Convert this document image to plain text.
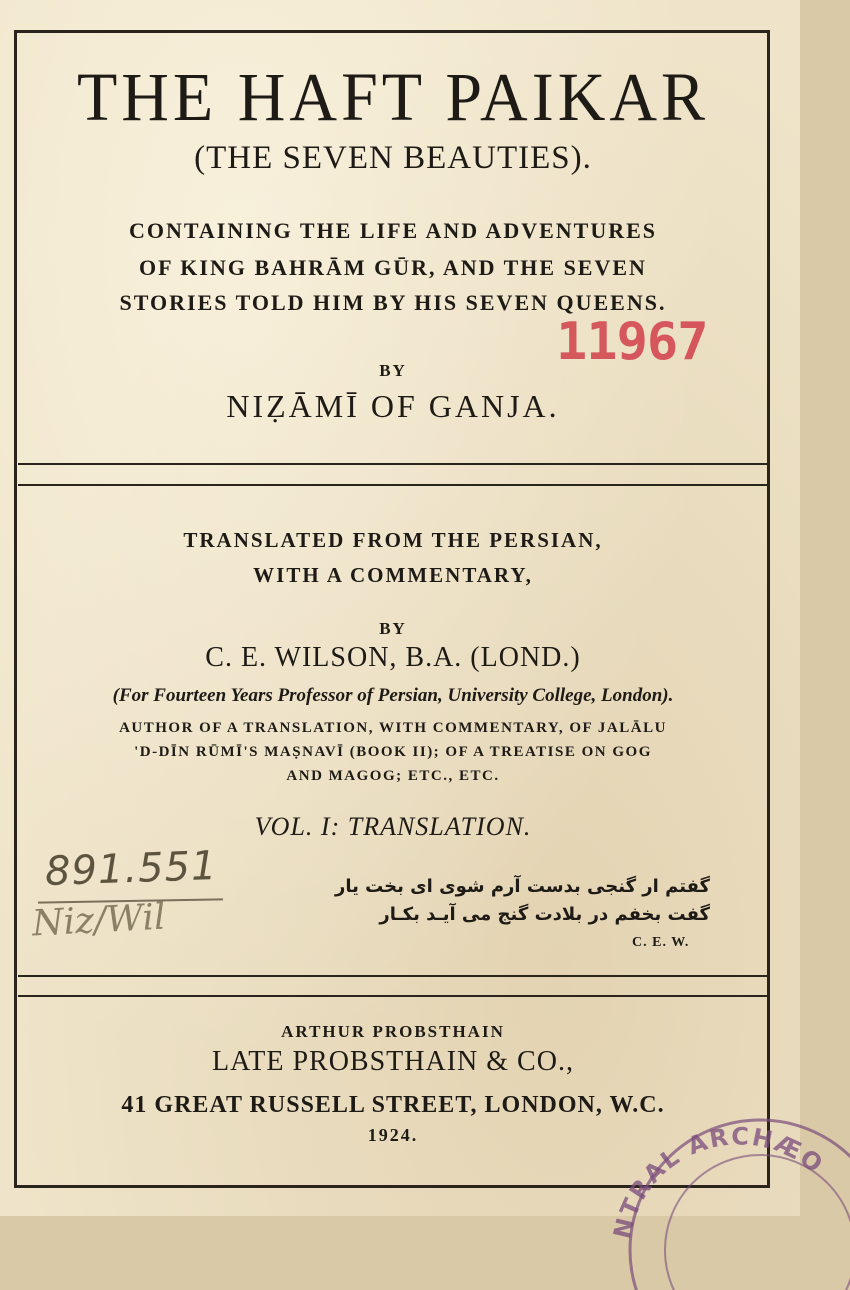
THE HAFT PAIKAR
(THE SEVEN BEAUTIES).
CONTAINING THE LIFE AND ADVENTURES
OF KING BAHRĀM GŪR, AND THE SEVEN
STORIES TOLD HIM BY HIS SEVEN QUEENS.
BY
NIẒĀMĪ OF GANJA.
11967
TRANSLATED FROM THE PERSIAN,
WITH A COMMENTARY,
BY
C. E. WILSON, B.A. (LOND.)
(For Fourteen Years Professor of Persian, University College, London).
AUTHOR OF A TRANSLATION, WITH COMMENTARY, OF JALĀLU
'D-DĪN RŪMĪ'S MAṢNAVĪ (BOOK II); OF A TREATISE ON GOG
AND MAGOG; ETC., ETC.
VOL. I: TRANSLATION.
891.551
Niz/Wil
گفتم ار گنجی بدست آرم شوی ای بخت یار
گفت بخفم در بلادت گنج می آیـد بکـار
C. E. W.
ARTHUR PROBSTHAIN
LATE PROBSTHAIN & CO.,
41 GREAT RUSSELL STREET, LONDON, W.C.
1924.
NTRAL ARCHÆO
